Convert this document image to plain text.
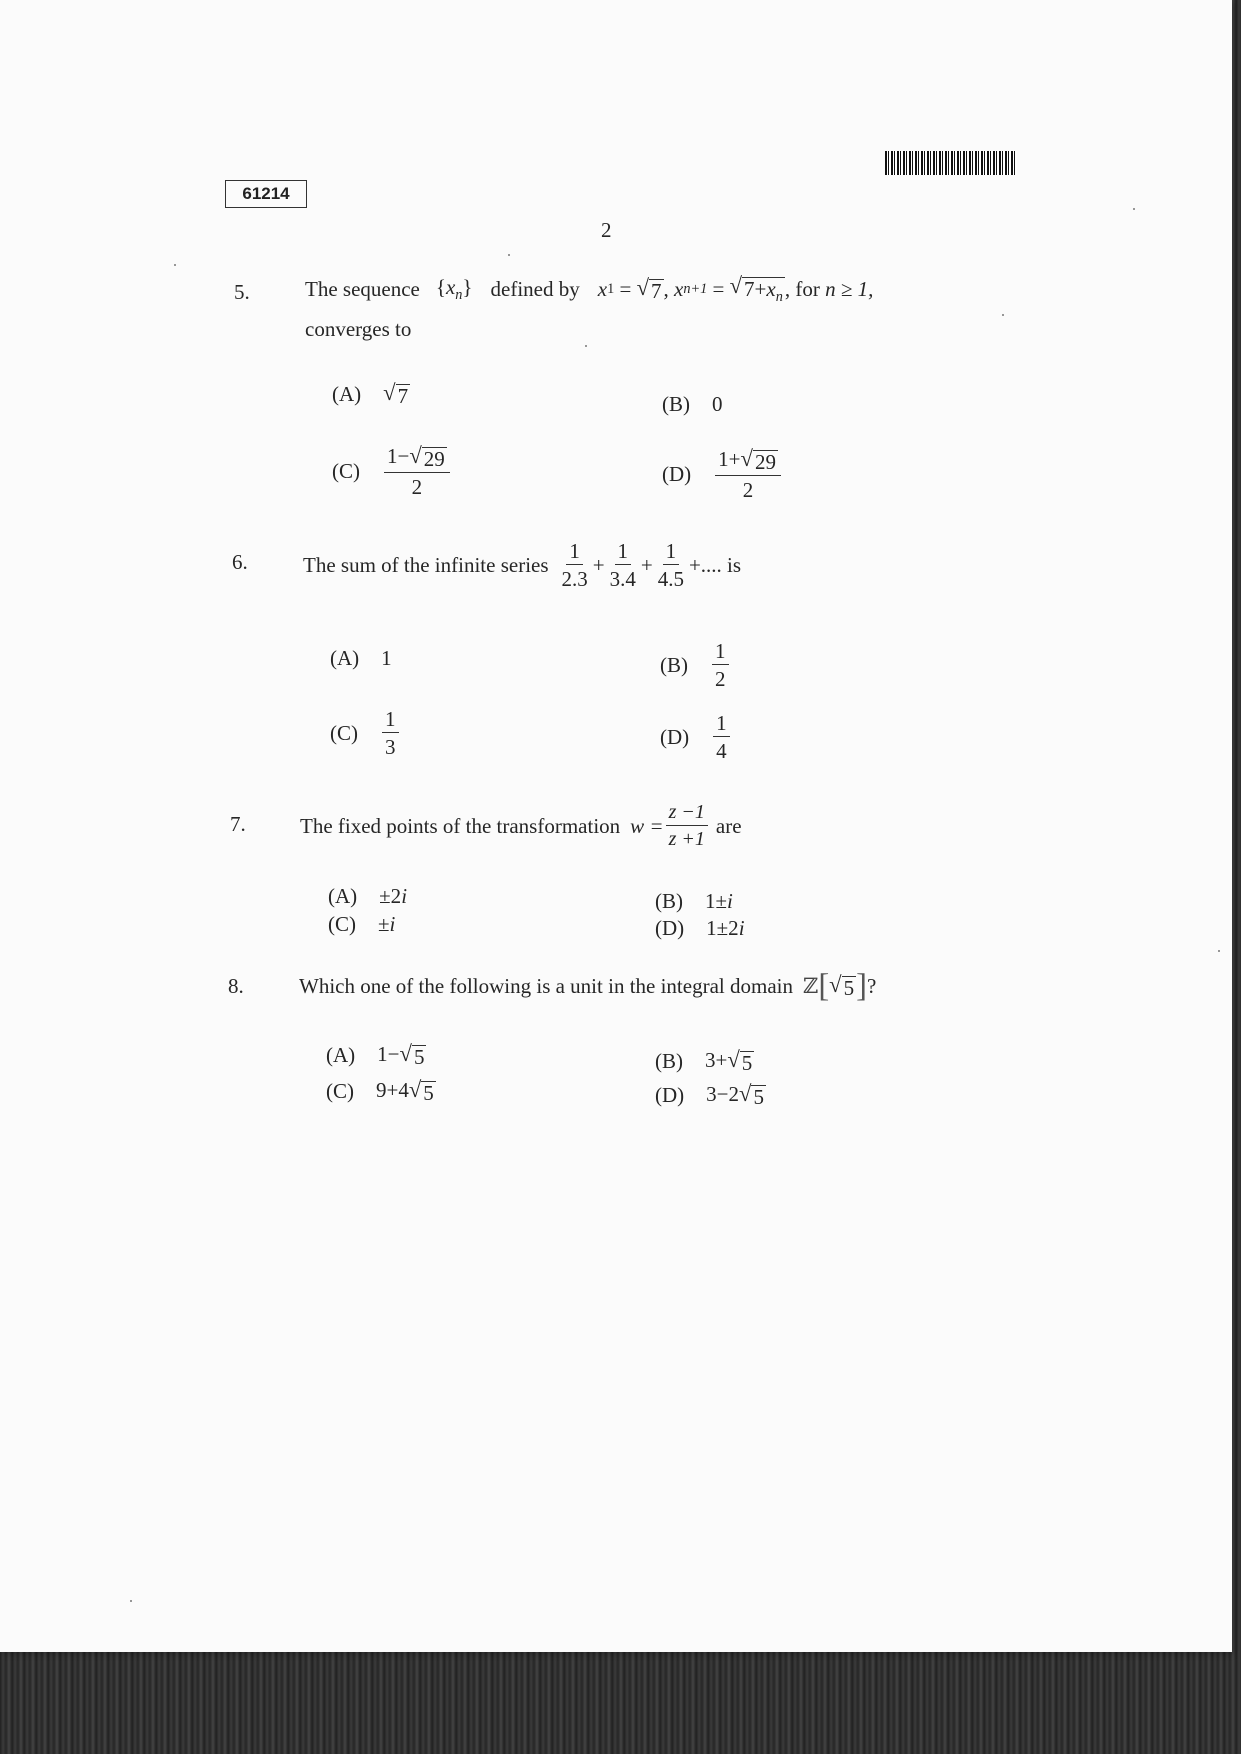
61214
2
5.	The sequence $\{x_n\}$ defined by x 1 = √ 7 , x n+1 = √ $7+x_n$ , for
n ≥ 1,
converges to
(A) √ 7	(B) 0
$(C) \frac{1- √ 29}{2}$	$(D) \frac{1+ √ 29}{2}$
6.	The sum of the infinite series $\frac{1}{2.3} + \frac{1}{3.4} + \frac{1}{4.5}$ +.... is
(A) 1	$(B) \frac{1}{2}$
$(C) \frac{1}{3}$	$(D) \frac{1}{4}$
7.	The fixed points of the transformation $w = \frac{z -1}{z +1}$ are
(A) ±2i	(B) 1±i
(C) ±i	(D) 1±2i
8.	Which one of the following is a unit in the integral domain ℤ [ √ 5 ] ?
(A) 1− √ 5	(B) 3+ √ 5
(C) 9+4 √ 5	(D) 3−2 √ 5
